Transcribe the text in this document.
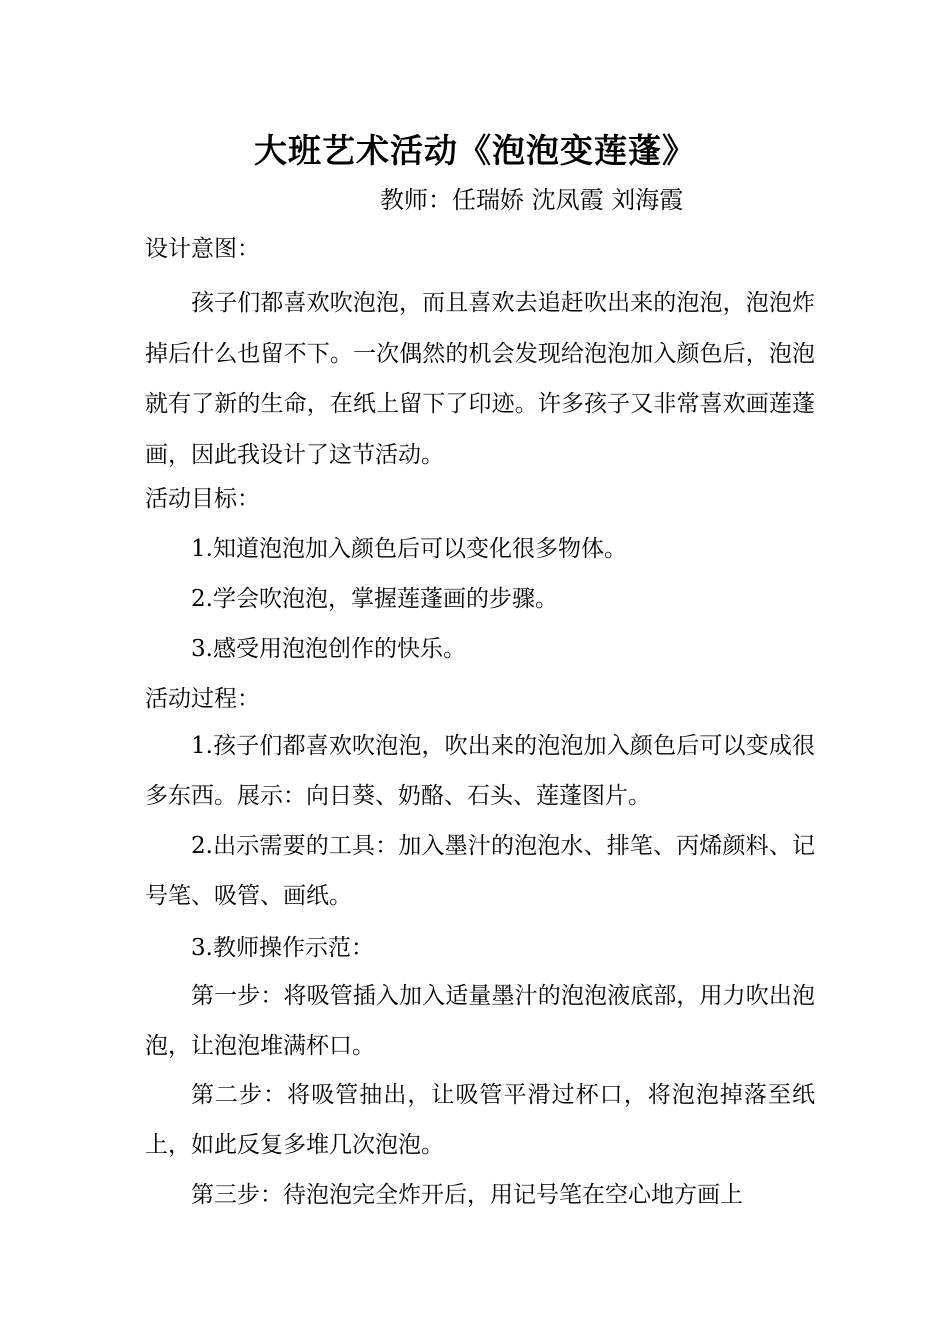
大班艺术活动《泡泡变莲蓬》
教师：任瑞娇 沈凤霞 刘海霞
设计意图：
孩子们都喜欢吹泡泡，而且喜欢去追赶吹出来的泡泡，泡泡炸掉后什么也留不下。一次偶然的机会发现给泡泡加入颜色后，泡泡就有了新的生命，在纸上留下了印迹。许多孩子又非常喜欢画莲蓬画，因此我设计了这节活动。
活动目标：
1.知道泡泡加入颜色后可以变化很多物体。
2.学会吹泡泡，掌握莲蓬画的步骤。
3.感受用泡泡创作的快乐。
活动过程：
1.孩子们都喜欢吹泡泡，吹出来的泡泡加入颜色后可以变成很多东西。展示：向日葵、奶酪、石头、莲蓬图片。
2.出示需要的工具：加入墨汁的泡泡水、排笔、丙烯颜料、记号笔、吸管、画纸。
3.教师操作示范：
第一步：将吸管插入加入适量墨汁的泡泡液底部，用力吹出泡泡，让泡泡堆满杯口。
第二步：将吸管抽出，让吸管平滑过杯口，将泡泡掉落至纸上，如此反复多堆几次泡泡。
第三步：待泡泡完全炸开后，用记号笔在空心地方画上
